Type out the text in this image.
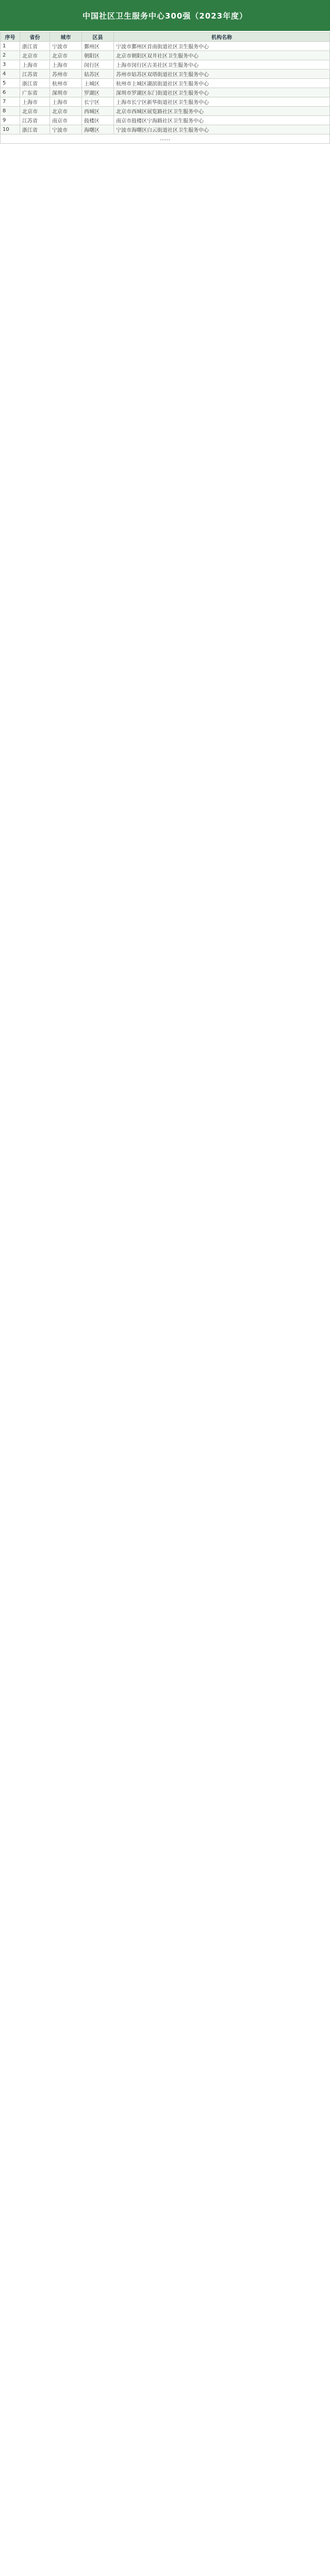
中国社区卫生服务中心300强（2023年度）
序号	省份	城市	区县	机构名称
1	浙江省	宁波市	鄞州区	宁波市鄞州区首南街道社区卫生服务中心
2	北京市	北京市	朝阳区	北京市朝阳区双井社区卫生服务中心
3	上海市	上海市	闵行区	上海市闵行区古美社区卫生服务中心
4	江苏省	苏州市	姑苏区	苏州市姑苏区双塔街道社区卫生服务中心
5	浙江省	杭州市	上城区	杭州市上城区湖滨街道社区卫生服务中心
6	广东省	深圳市	罗湖区	深圳市罗湖区东门街道社区卫生服务中心
7	上海市	上海市	长宁区	上海市长宁区新华街道社区卫生服务中心
8	北京市	北京市	西城区	北京市西城区展览路社区卫生服务中心
9	江苏省	南京市	鼓楼区	南京市鼓楼区宁海路社区卫生服务中心
10	浙江省	宁波市	海曙区	宁波市海曙区白云街道社区卫生服务中心
……				
